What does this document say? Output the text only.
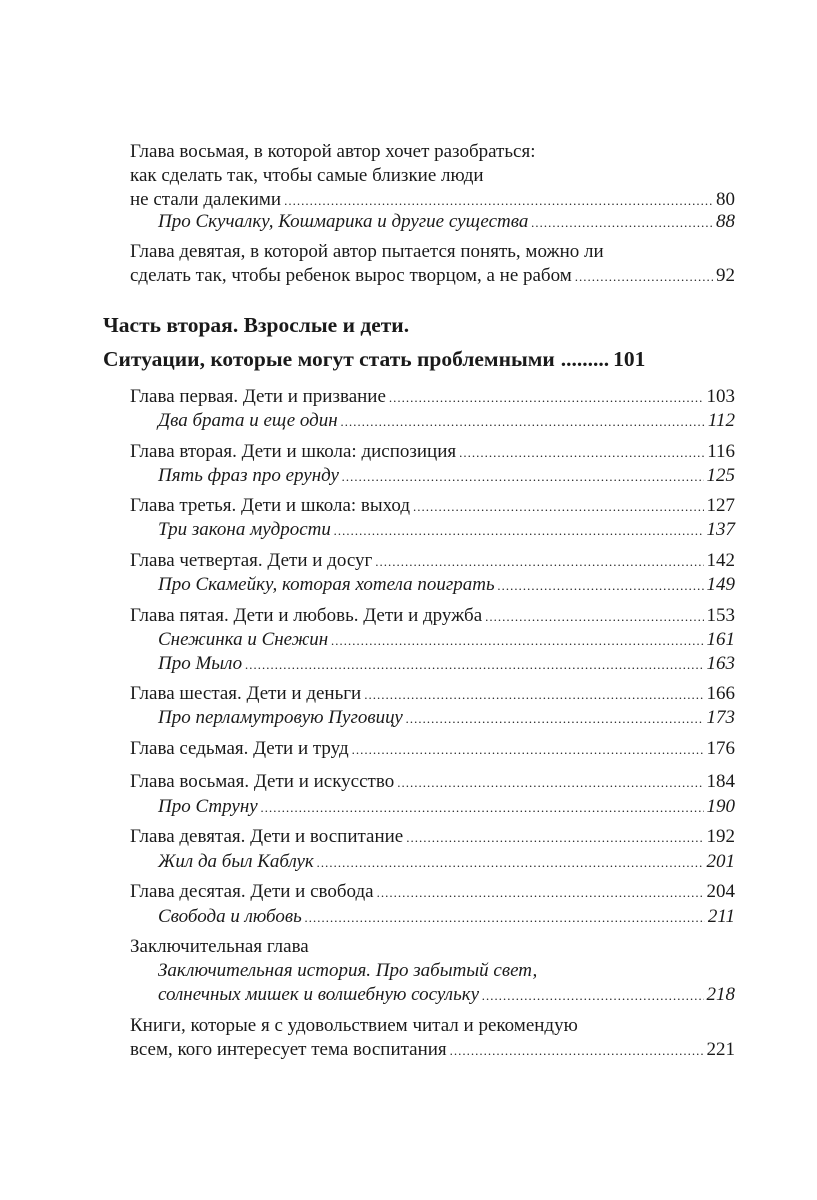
Глава восьмая, в которой автор хочет разобраться:
как сделать так, чтобы самые близкие люди
не стали далекими .....	80
Про Скучалку, Кошмарика и другие существа .....	88
Глава девятая, в которой автор пытается понять, можно ли
сделать так, чтобы ребенок вырос творцом, а не рабом .....	92
Часть вторая. Взрослые и дети.
Ситуации, которые могут стать проблемными .....	101
Глава первая. Дети и призвание .....	103
Два брата и еще один .....	112
Глава вторая. Дети и школа: диспозиция .....	116
Пять фраз про ерунду .....	125
Глава третья. Дети и школа: выход .....	127
Три закона мудрости .....	137
Глава четвертая. Дети и досуг .....	142
Про Скамейку, которая хотела поиграть .....	149
Глава пятая. Дети и любовь. Дети и дружба .....	153
Снежинка и Снежин .....	161
Про Мыло .....	163
Глава шестая. Дети и деньги .....	166
Про перламутровую Пуговицу .....	173
Глава седьмая. Дети и труд .....	176
Глава восьмая. Дети и искусство .....	184
Про Струну .....	190
Глава девятая. Дети и воспитание .....	192
Жил да был Каблук .....	201
Глава десятая. Дети и свобода .....	204
Свобода и любовь .....	211
Заключительная глава
Заключительная история. Про забытый свет,
солнечных мишек и волшебную сосульку .....	218
Книги, которые я с удовольствием читал и рекомендую
всем, кого интересует тема воспитания .....	221
